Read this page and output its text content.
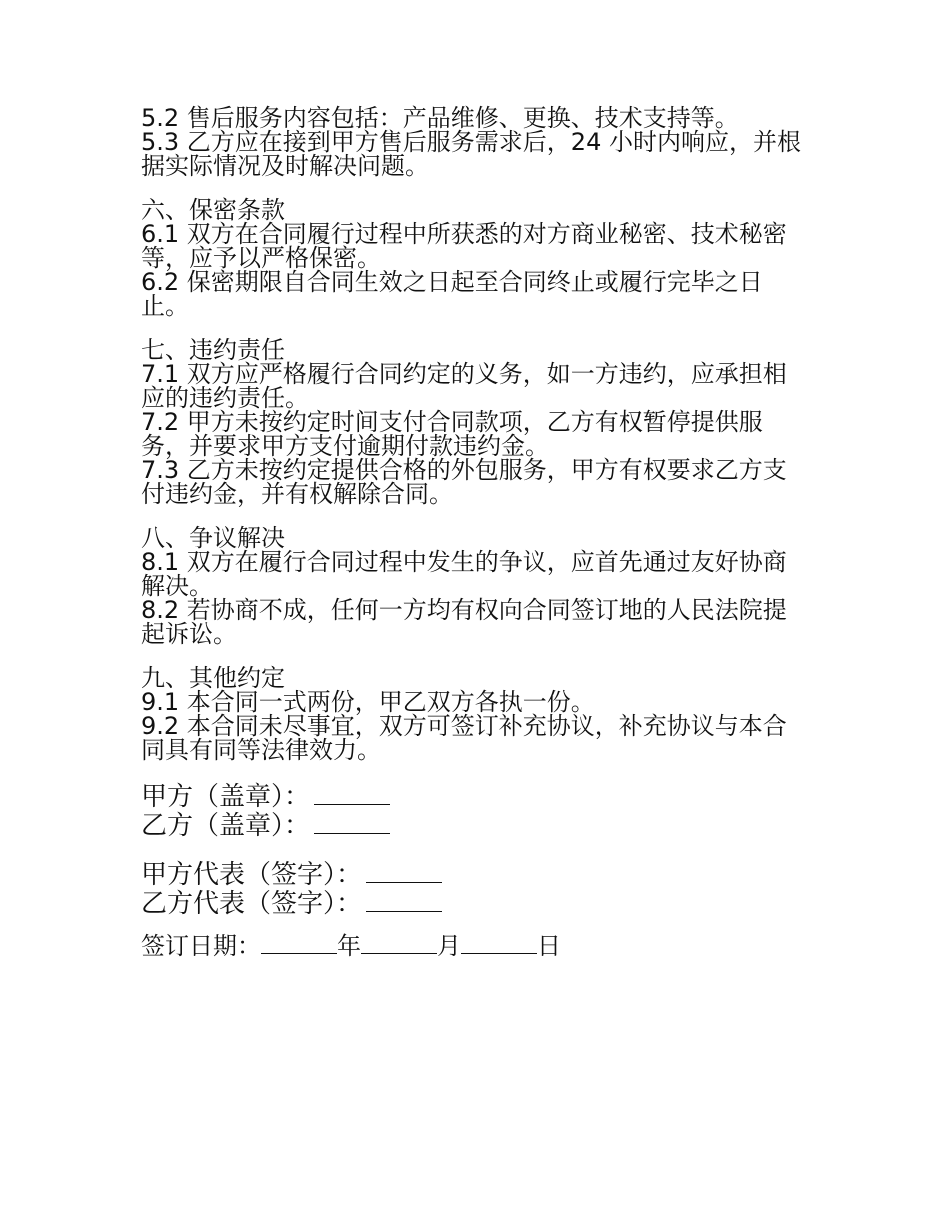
5.2 售后服务内容包括：产品维修、更换、技术支持等。

5.3 乙方应在接到甲方售后服务需求后，24 小时内响应，并根据实际情况及时解决问题。

六、保密条款

6.1 双方在合同履行过程中所获悉的对方商业秘密、技术秘密等，应予以严格保密。

6.2 保密期限自合同生效之日起至合同终止或履行完毕之日止。

七、违约责任

7.1 双方应严格履行合同约定的义务，如一方违约，应承担相应的违约责任。

7.2 甲方未按约定时间支付合同款项，乙方有权暂停提供服务，并要求甲方支付逾期付款违约金。

7.3 乙方未按约定提供合格的外包服务，甲方有权要求乙方支付违约金，并有权解除合同。

八、争议解决

8.1 双方在履行合同过程中发生的争议，应首先通过友好协商解决。

8.2 若协商不成，任何一方均有权向合同签订地的人民法院提起诉讼。

九、其他约定

9.1 本合同一式两份，甲乙双方各执一份。

9.2 本合同未尽事宜，双方可签订补充协议，补充协议与本合同具有同等法律效力。

甲方（盖章）：

乙方（盖章）：

甲方代表（签字）：

乙方代表（签字）：

签订日期：	年	月	日
